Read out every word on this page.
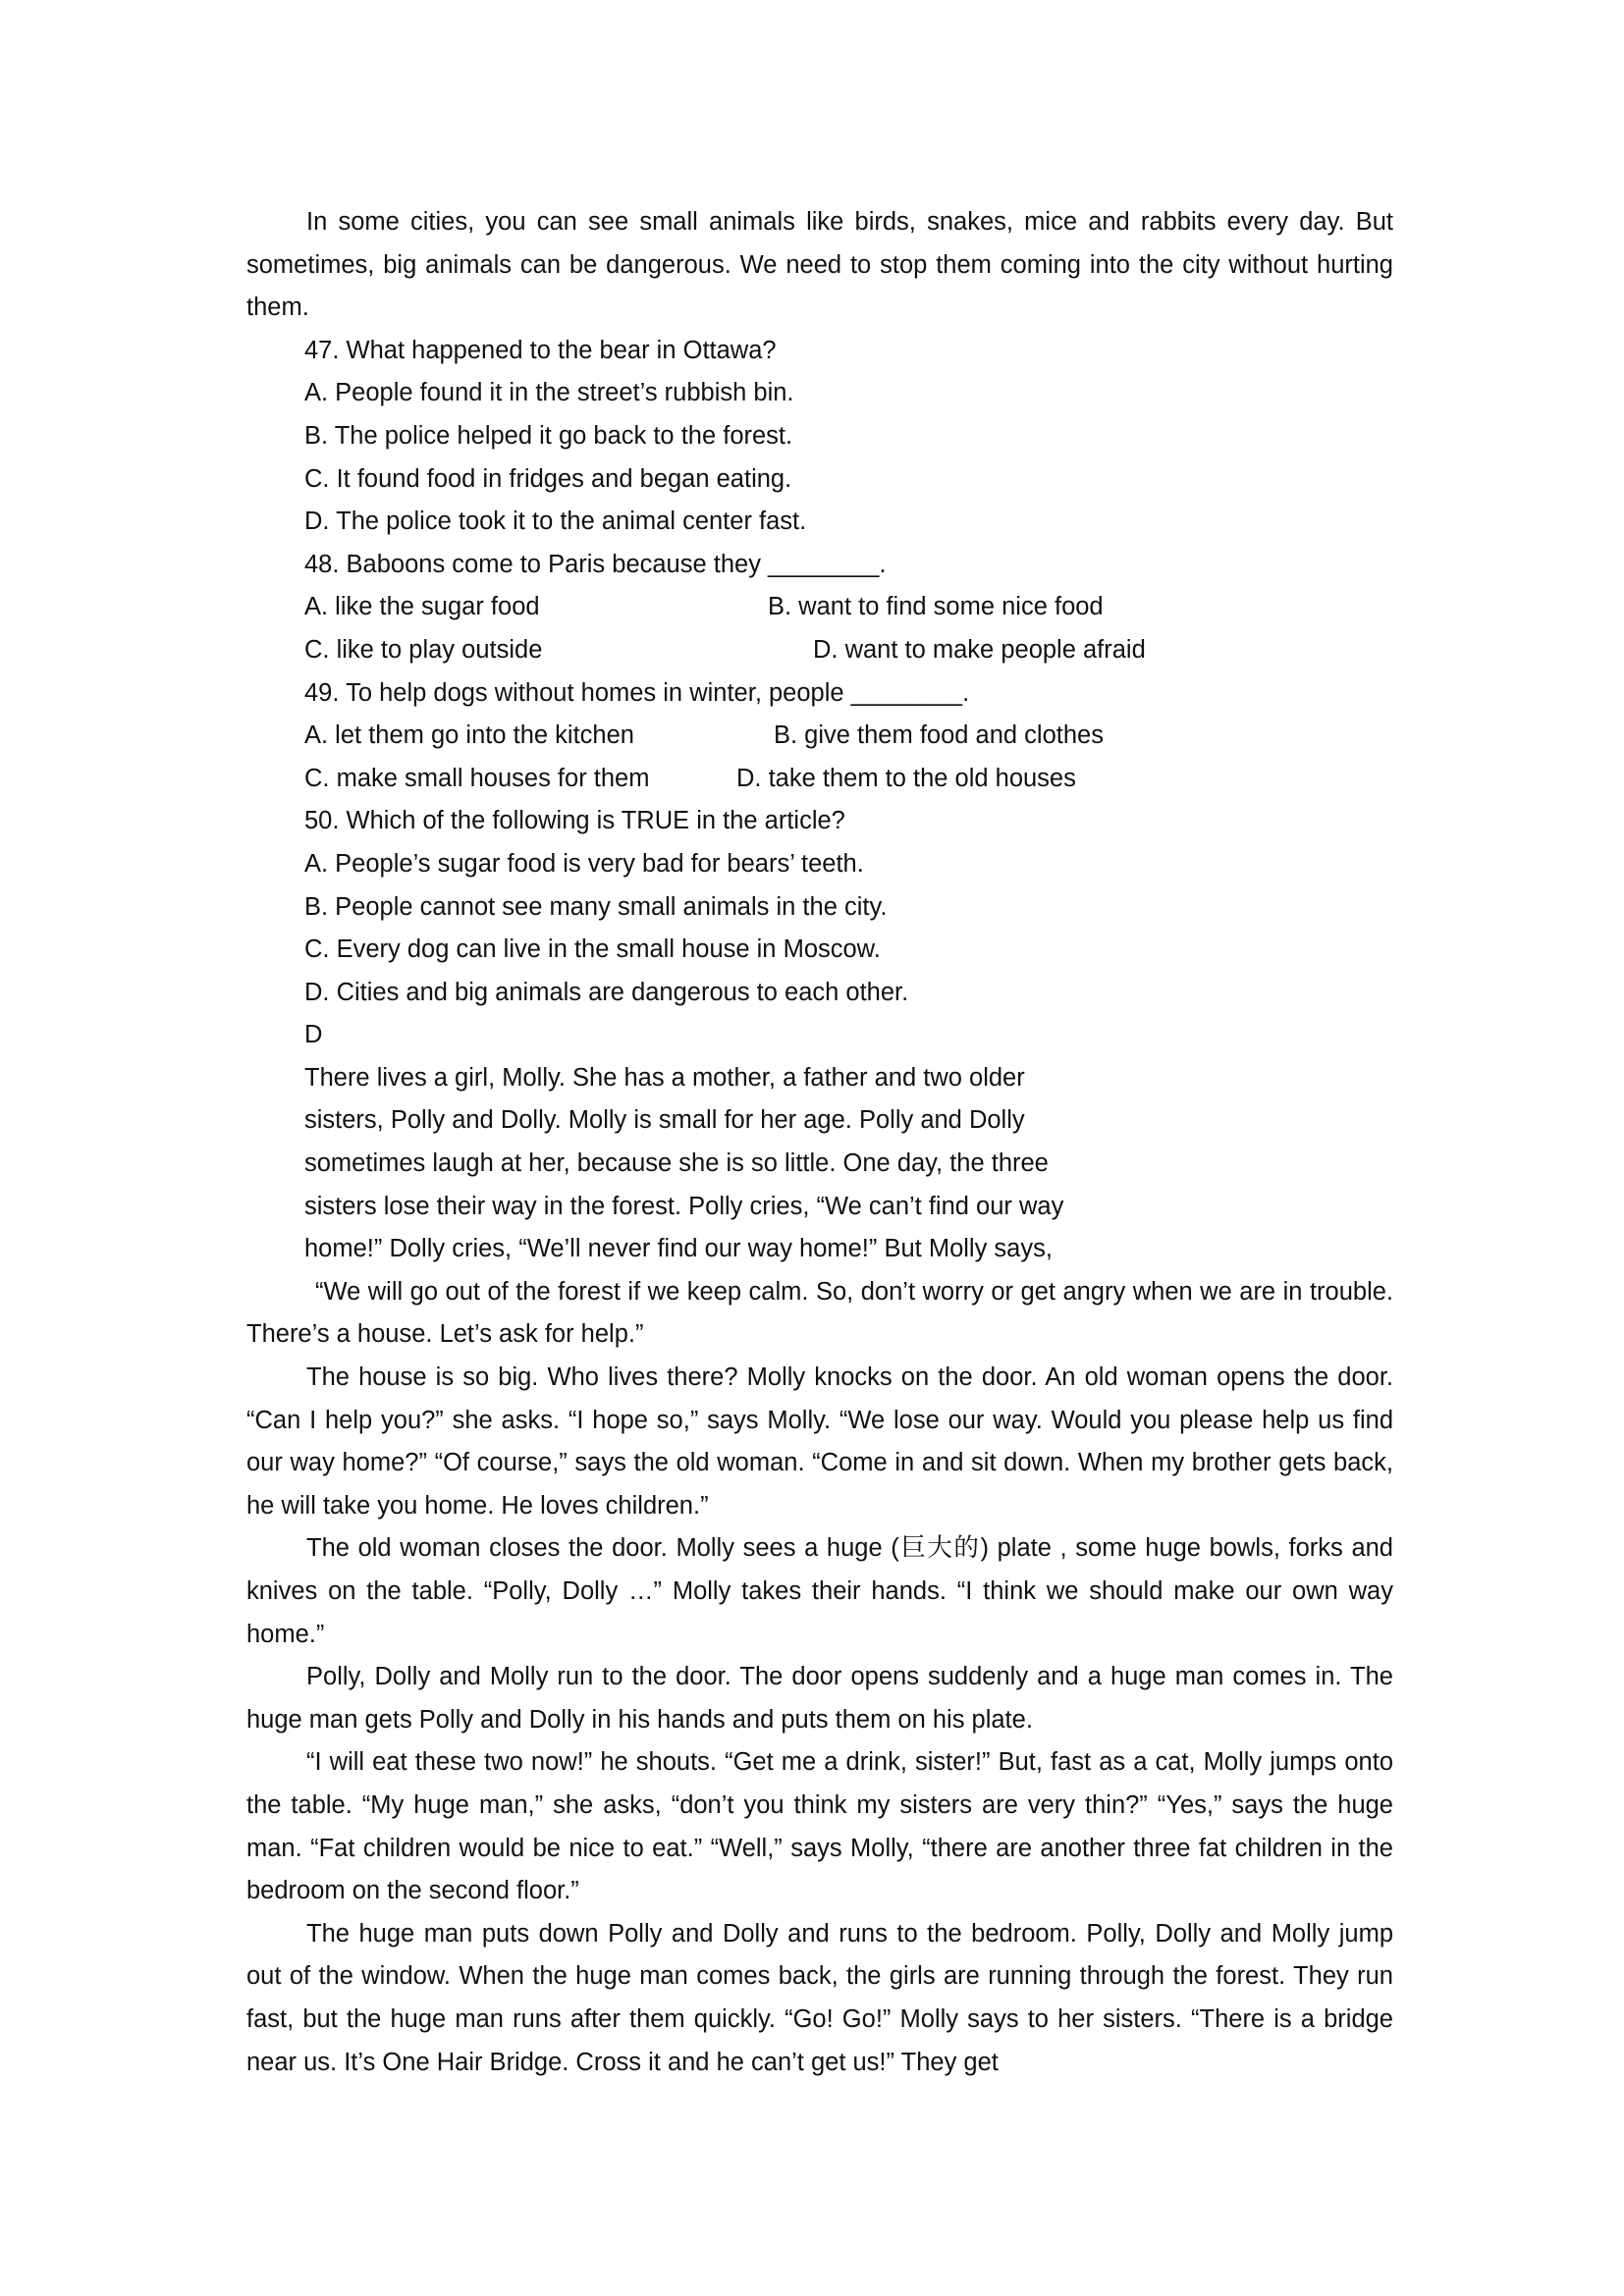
In some cities, you can see small animals like birds, snakes, mice and rabbits every day. But sometimes, big animals can be dangerous. We need to stop them coming into the city without hurting them.

47. What happened to the bear in Ottawa?
A. People found it in the street’s rubbish bin.
B. The police helped it go back to the forest.
C. It found food in fridges and began eating.
D. The police took it to the animal center fast.
48. Baboons come to Paris because they ________.
A. like the sugar food	B. want to find some nice food
C. like to play outside	D. want to make people afraid
49. To help dogs without homes in winter, people ________.
A. let them go into the kitchen	B. give them food and clothes
C. make small houses for them	D. take them to the old houses
50. Which of the following is TRUE in the article?
A. People’s sugar food is very bad for bears’ teeth.
B. People cannot see many small animals in the city.
C. Every dog can live in the small house in Moscow.
D. Cities and big animals are dangerous to each other.
D
There lives a girl, Molly. She has a mother, a father and two older
sisters, Polly and Dolly. Molly is small for her age. Polly and Dolly
sometimes laugh at her, because she is so little. One day, the three
sisters lose their way in the forest. Polly cries, “We can’t find our way
home!” Dolly cries, “We’ll never find our way home!” But Molly says,

“We will go out of the forest if we keep calm. So, don’t worry or get angry when we are in trouble. There’s a house. Let’s ask for help.”

The house is so big. Who lives there? Molly knocks on the door. An old woman opens the door. “Can I help you?” she asks. “I hope so,” says Molly. “We lose our way. Would you please help us find our way home?” “Of course,” says the old woman. “Come in and sit down. When my brother gets back, he will take you home. He loves children.”

The old woman closes the door. Molly sees a huge (巨大的) plate , some huge bowls, forks and knives on the table. “Polly, Dolly …” Molly takes their hands. “I think we should make our own way home.”

Polly, Dolly and Molly run to the door. The door opens suddenly and a huge man comes in. The huge man gets Polly and Dolly in his hands and puts them on his plate.

“I will eat these two now!” he shouts. “Get me a drink, sister!” But, fast as a cat, Molly jumps onto the table. “My huge man,” she asks, “don’t you think my sisters are very thin?” “Yes,” says the huge man. “Fat children would be nice to eat.” “Well,” says Molly, “there are another three fat children in the bedroom on the second floor.”

The huge man puts down Polly and Dolly and runs to the bedroom. Polly, Dolly and Molly jump out of the window. When the huge man comes back, the girls are running through the forest. They run fast, but the huge man runs after them quickly. “Go! Go!” Molly says to her sisters. “There is a bridge near us. It’s One Hair Bridge. Cross it and he can’t get us!” They get
